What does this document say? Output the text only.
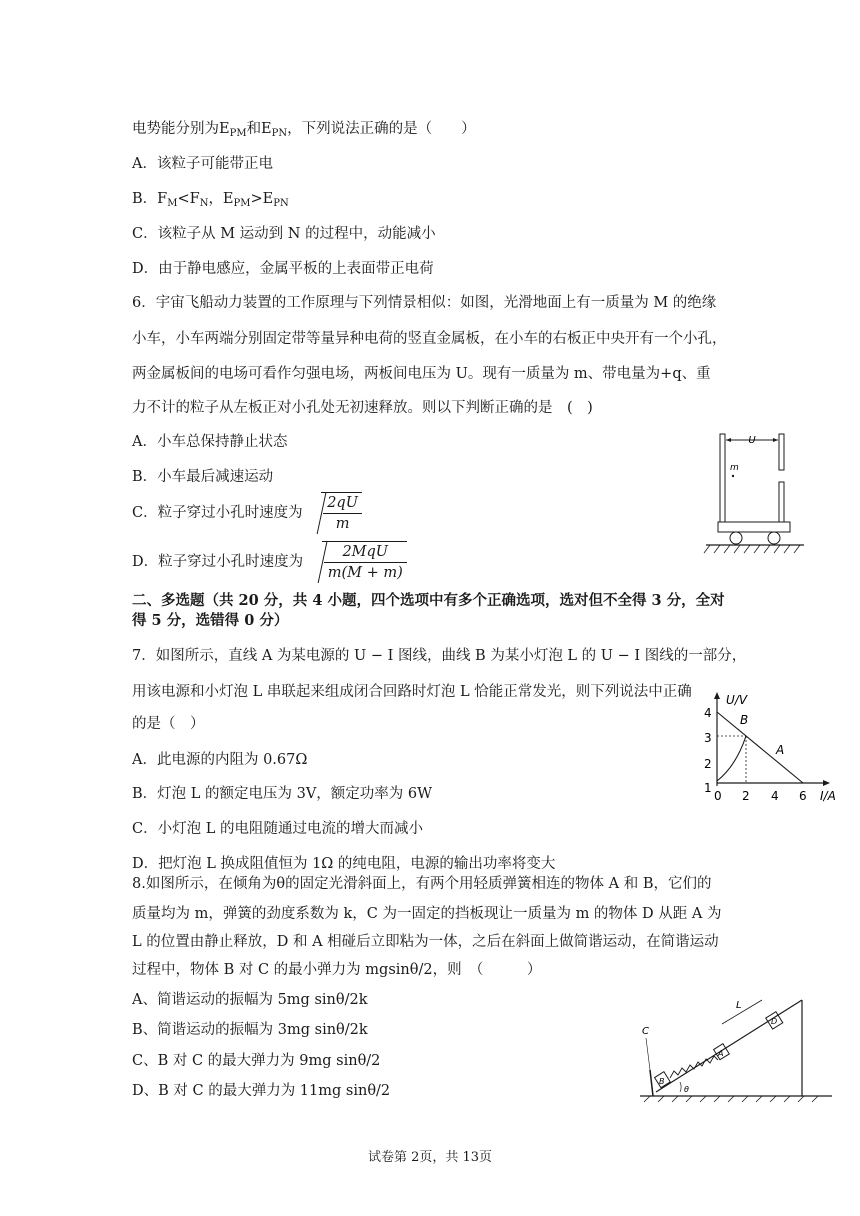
电势能分别为$E_{PM}$和$E_{PN}$，下列说法正确的是（　　）
A．该粒子可能带正电
B．$F_M<F_N$，$E_{PM}>E_{PN}$
C．该粒子从 M 运动到 N 的过程中，动能减小
D．由于静电感应，金属平板的上表面带正电荷
6．宇宙飞船动力装置的工作原理与下列情景相似：如图，光滑地面上有一质量为 M 的绝缘
小车，小车两端分别固定带等量异种电荷的竖直金属板，在小车的右板正中央开有一个小孔，
两金属板间的电场可看作匀强电场，两板间电压为 U。现有一质量为 m、带电量为+q、重
力不计的粒子从左板正对小孔处无初速释放。则以下判断正确的是　(　)
A．小车总保持静止状态
B．小车最后减速运动
C．粒子穿过小孔时速度为 $\frac{2qU}{m}$
D．粒子穿过小孔时速度为 $\frac{\text{2MqU}}{m(M + m)}$
U
m
二、多选题（共 20 分，共 4 小题，四个选项中有多个正确选项，选对但不全得 3 分，全对
得 5 分，选错得 0 分）
7．如图所示，直线 A 为某电源的 U − I 图线，曲线 B 为某小灯泡 L 的 U − I 图线的一部分，
用该电源和小灯泡 L 串联起来组成闭合回路时灯泡 L 恰能正常发光，则下列说法中正确
的是（　）
A．此电源的内阻为 0.67Ω
B．灯泡 L 的额定电压为 3V，额定功率为 6W
C．小灯泡 L 的电阻随通过电流的增大而减小
D．把灯泡 L 换成阻值恒为 1Ω 的纯电阻，电源的输出功率将变大
U/V
I/A
4
3
2
1
0 2 4 6
B
A
8.如图所示，在倾角为θ的固定光滑斜面上，有两个用轻质弹簧相连的物体 A 和 B，它们的
质量均为 m，弹簧的劲度系数为 k，C 为一固定的挡板现让一质量为 m 的物体 D 从距 A 为
L 的位置由静止释放，D 和 A 相碰后立即粘为一体，之后在斜面上做简谐运动，在简谐运动
过程中，物体 B 对 C 的最小弹力为 mgsinθ/2，则　（　　　）
A、简谐运动的振幅为 5mg sinθ/2k
B、简谐运动的振幅为 3mg sinθ/2k
C、B 对 C 的最大弹力为 9mg sinθ/2
D、B 对 C 的最大弹力为 11mg sinθ/2
C
B
A
D
L
θ
试卷第 2页，共 13页
